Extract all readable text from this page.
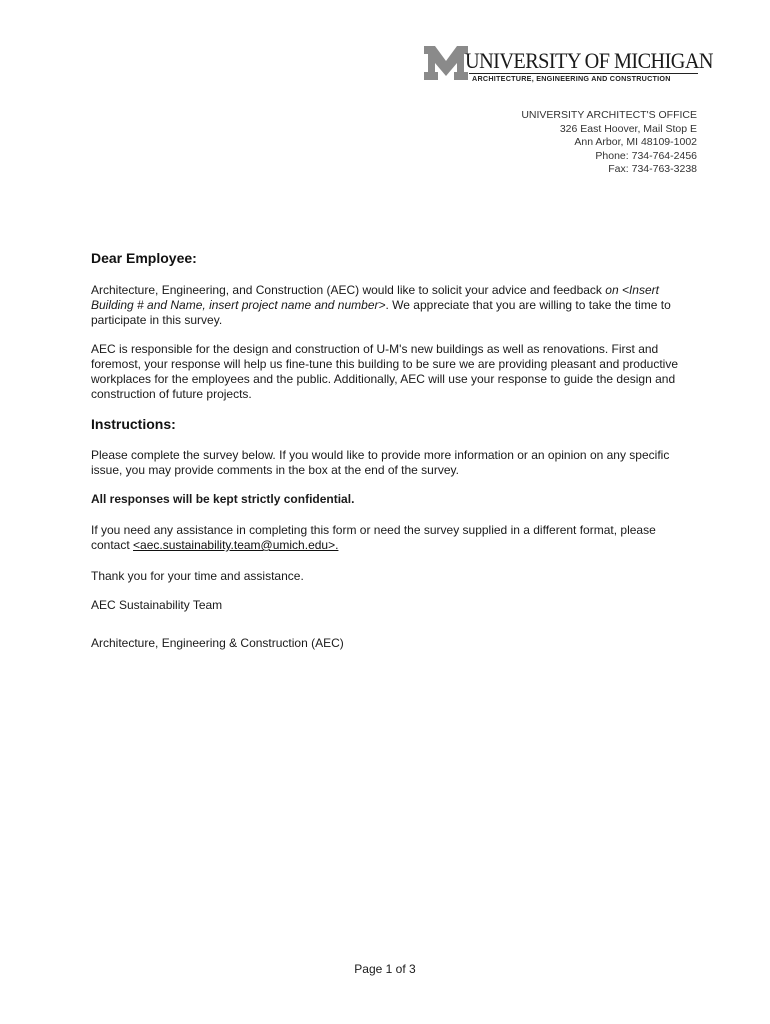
UNIVERSITY OF MICHIGAN
ARCHITECTURE, ENGINEERING AND CONSTRUCTION
UNIVERSITY ARCHITECT'S OFFICE
326 East Hoover, Mail Stop E
Ann Arbor, MI 48109-1002
Phone: 734-764-2456
Fax: 734-763-3238
Dear Employee:

Architecture, Engineering, and Construction (AEC) would like to solicit your advice and feedback on <Insert Building # and Name, insert project name and number>. We appreciate that you are willing to take the time to participate in this survey.

AEC is responsible for the design and construction of U-M's new buildings as well as renovations. First and foremost, your response will help us fine-tune this building to be sure we are providing pleasant and productive workplaces for the employees and the public. Additionally, AEC will use your response to guide the design and construction of future projects.

Instructions:

Please complete the survey below. If you would like to provide more information or an opinion on any specific issue, you may provide comments in the box at the end of the survey.

All responses will be kept strictly confidential.

If you need any assistance in completing this form or need the survey supplied in a different format, please contact <aec.sustainability.team@umich.edu>.

Thank you for your time and assistance.

AEC Sustainability Team

Architecture, Engineering & Construction (AEC)

Page 1 of 3
